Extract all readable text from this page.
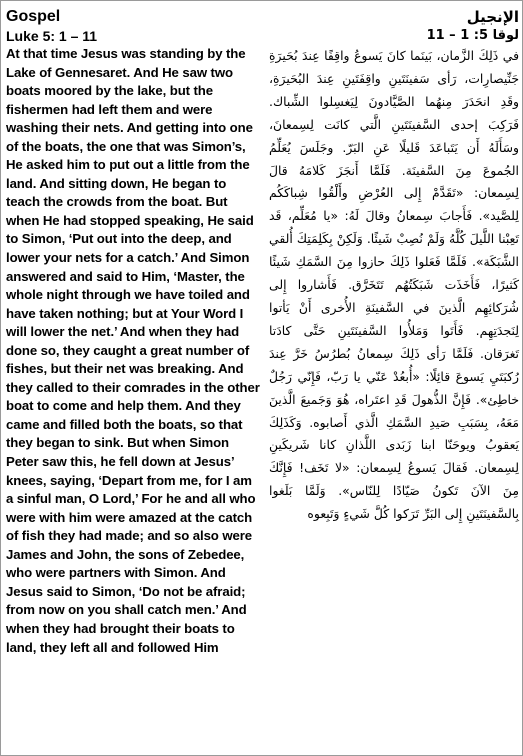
Gospel
Luke 5: 1 – 11
At that time Jesus was standing by the Lake of Gennesaret. And He saw two boats moored by the lake, but the fishermen had left them and were washing their nets. And getting into one of the boats, the one that was Simon’s, He asked him to put out a little from the land. And sitting down, He began to teach the crowds from the boat. But when He had stopped speaking, He said to Simon, ‘Put out into the deep, and lower your nets for a catch.’ And Simon answered and said to Him, ‘Master, the whole night through we have toiled and have taken nothing; but at Your Word I will lower the net.’ And when they had done so, they caught a great number of fishes, but their net was breaking. And they called to their comrades in the other boat to come and help them. And they came and filled both the boats, so that they began to sink. But when Simon Peter saw this, he fell down at Jesus’ knees, saying, ‘Depart from me, for I am a sinful man, O Lord,’ For he and all who were with him were amazed at the catch of fish they had made; and so also were James and John, the sons of Zebedee, who were partners with Simon. And Jesus said to Simon, ‘Do not be afraid; from now on you shall catch men.’ And when they had brought their boats to land, they left all and followed Him
الإنجيل
لوقا 5: 1 – 11
في ذَلِكَ الزَّمان، بَينَما كانَ يَسوعُ واقِفًا عِندَ بُحَيرَةِ جَنِّيصارِات، رَأى سَفينَتَينِ واقِفَتَينِ عِندَ البُحَيرَةِ، وقَدِ انحَدَرَ مِنهُما الصَّيَّادونَ لِيَغسِلوا الشِّباك. فَرَكِبَ إحدى السَّفينَتَينِ الَّتي كانَت لِسِمعانَ، وسَأَلَهُ أَن يَتَباعَدَ قَليلًا عَنِ البَرّ. وجَلَسَ يُعَلِّمُ الجُموعَ مِنَ السَّفينَة. فَلَمَّا أَنجَزَ كَلامَهُ قالَ لِسِمعان: «تَقَدَّمْ إِلى العُرْضِ وأَلْقُوا شِباكَكُم لِلصَّيد». فَأَجابَ سِمعانُ وقالَ لَهُ: «يا مُعَلِّم، قَد تَعِبْنا اللَّيلَ كُلَّهُ وَلَمْ نُصِبْ شَيئًا. وَلَكِنْ بِكَلِمَتِكَ أُلقي الشَّبَكَة». فَلَمَّا فَعَلوا ذَلِكَ حازوا مِنَ السَّمَكِ شَيئًا كَثيرًا، فَأَخَذَت شَبَكَتُهُم تَتَخَرَّق. فَأَشاروا إِلى شُرَكائِهِم الَّذينَ في السَّفينَةِ الأُخرى أَنْ يَأتوا لِنَجدَتِهِم. فَأَتَوا وَمَلأُوا السَّفينَتَينِ حَتَّى كادَتا تَغرَقان. فَلَمَّا رَأى ذَلِكَ سِمعانُ بُطرُسُ خَرَّ عِندَ رُكبَتَيِ يَسوعَ قائِلًا: «أُبعُدْ عَنّي يا رَبّ، فَإِنّي رَجُلٌ خاطِئ». فَإِنَّ الذُّهولَ قَدِ اعتَراه، هُوَ وَجَميعَ الَّذينَ مَعَهُ، بِسَبَبِ صَيدِ السَّمَكِ الَّذي أَصابوه. وَكَذَلِكَ يَعقوبُ ويوحَنّا ابنا زَبَدى اللَّذانِ كانا شَريكَينِ لِسِمعان. فَقالَ يَسوعُ لِسِمعان: «لا تَخَف! فَإِنَّكَ مِنَ الآنَ تَكونُ صَيّادًا لِلنّاس». وَلَمَّا بَلَغوا بِالسَّفينَتَينِ إِلى البَرِّ تَرَكوا كُلَّ شَيءٍ وَتَبِعوه
